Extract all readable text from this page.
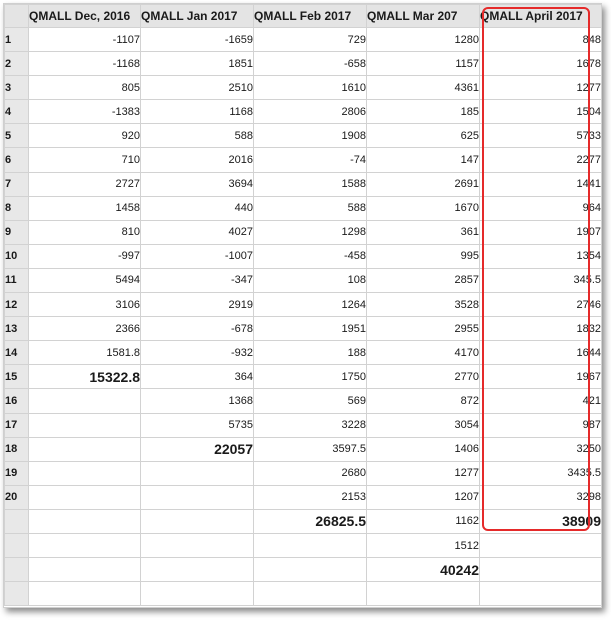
	QMALL Dec, 2016	QMALL Jan 2017	QMALL Feb 2017	QMALL Mar 207	QMALL April 2017
1	-1107	-1659	729	1280	848
2	-1168	1851	-658	1157	1678
3	805	2510	1610	4361	1277
4	-1383	1168	2806	185	1504
5	920	588	1908	625	5733
6	710	2016	-74	147	2277
7	2727	3694	1588	2691	1441
8	1458	440	588	1670	964
9	810	4027	1298	361	1907
10	-997	-1007	-458	995	1354
11	5494	-347	108	2857	345.5
12	3106	2919	1264	3528	2746
13	2366	-678	1951	2955	1832
14	1581.8	-932	188	4170	1644
15	15322.8	364	1750	2770	1967
16		1368	569	872	421
17		5735	3228	3054	987
18		22057	3597.5	1406	3250
19			2680	1277	3435.5
20			2153	1207	3298
			26825.5	1162	38909
				1512	
				40242	
